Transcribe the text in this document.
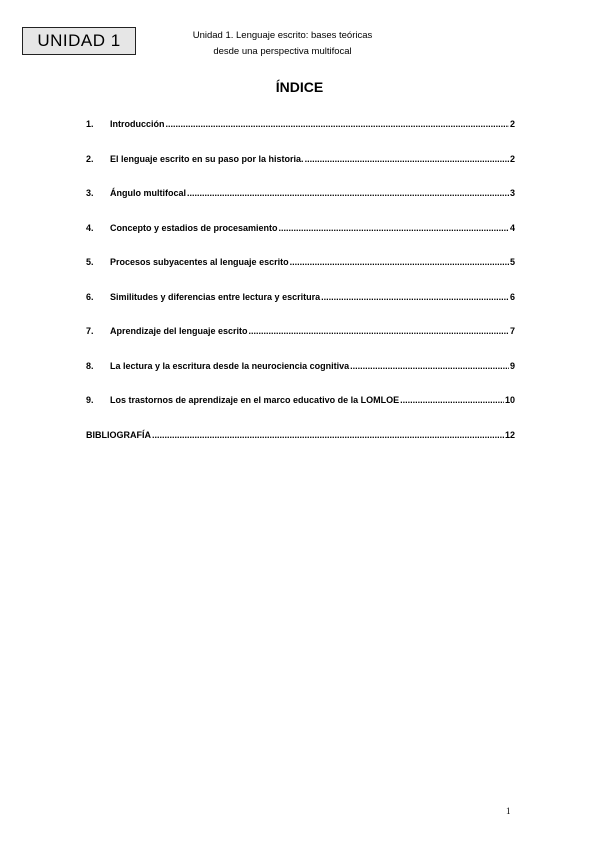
UNIDAD 1	Unidad 1. Lenguaje escrito: bases teóricas
desde una perspectiva multifocal
ÍNDICE
1.	Introducción .....	2
2.	El lenguaje escrito en su paso por la historia. .....	2
3.	Ángulo multifocal .....	3
4.	Concepto y estadios de procesamiento .....	4
5.	Procesos subyacentes al lenguaje escrito .....	5
6.	Similitudes y diferencias entre lectura y escritura .....	6
7.	Aprendizaje del lenguaje escrito .....	7
8.	La lectura y la escritura desde la neurociencia cognitiva .....	9
9.	Los trastornos de aprendizaje en el marco educativo de la LOMLOE .....	10
BIBLIOGRAFÍA .....	12
1
